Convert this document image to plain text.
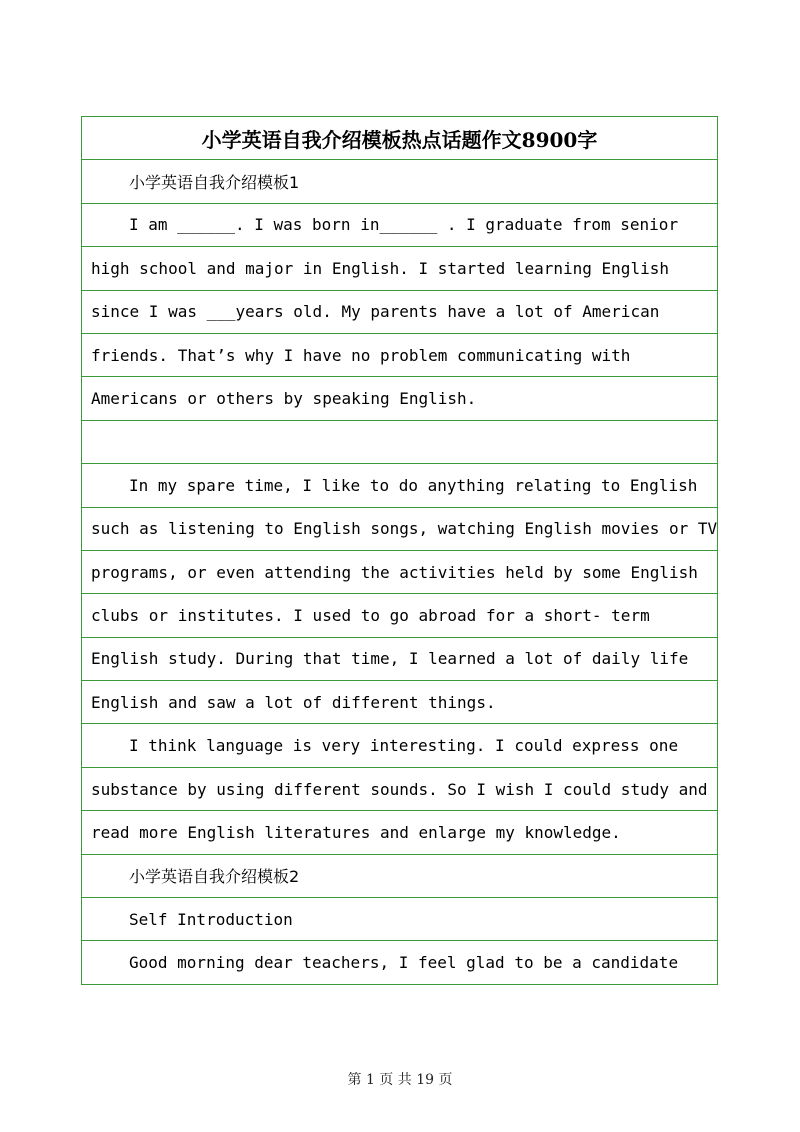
小学英语自我介绍模板热点话题作文8900字
小学英语自我介绍模板1
I am ______. I was born in______ . I graduate from senior
high school and major in English. I started learning English
since I was ___years old. My parents have a lot of American
friends. That’s why I have no problem communicating with
Americans or others by speaking English.
In my spare time, I like to do anything relating to English
such as listening to English songs, watching English movies or TV
programs, or even attending the activities held by some English
clubs or institutes. I used to go abroad for a short- term
English study. During that time, I learned a lot of daily life
English and saw a lot of different things.
I think language is very interesting. I could express one
substance by using different sounds. So I wish I could study and
read more English literatures and enlarge my knowledge.
小学英语自我介绍模板2
Self Introduction
Good morning dear teachers, I feel glad to be a candidate
第 1 页 共 19 页
